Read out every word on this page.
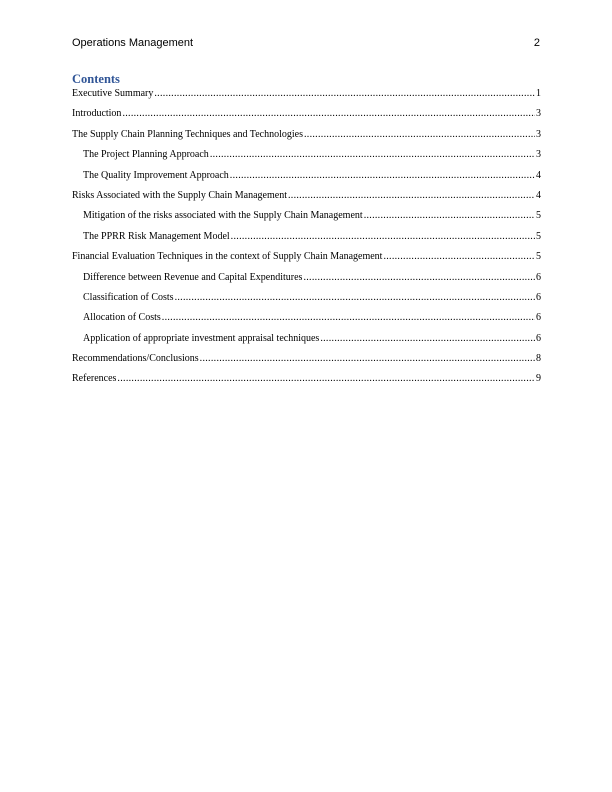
Operations Management	2
Contents
Executive Summary .....	1
Introduction .....	3
The Supply Chain Planning Techniques and Technologies .....	3
The Project Planning Approach .....	3
The Quality Improvement Approach .....	4
Risks Associated with the Supply Chain Management .....	4
Mitigation of the risks associated with the Supply Chain Management .....	5
The PPRR Risk Management Model .....	5
Financial Evaluation Techniques in the context of Supply Chain Management .....	5
Difference between Revenue and Capital Expenditures .....	6
Classification of Costs .....	6
Allocation of Costs .....	6
Application of appropriate investment appraisal techniques .....	6
Recommendations/Conclusions .....	8
References .....	9
